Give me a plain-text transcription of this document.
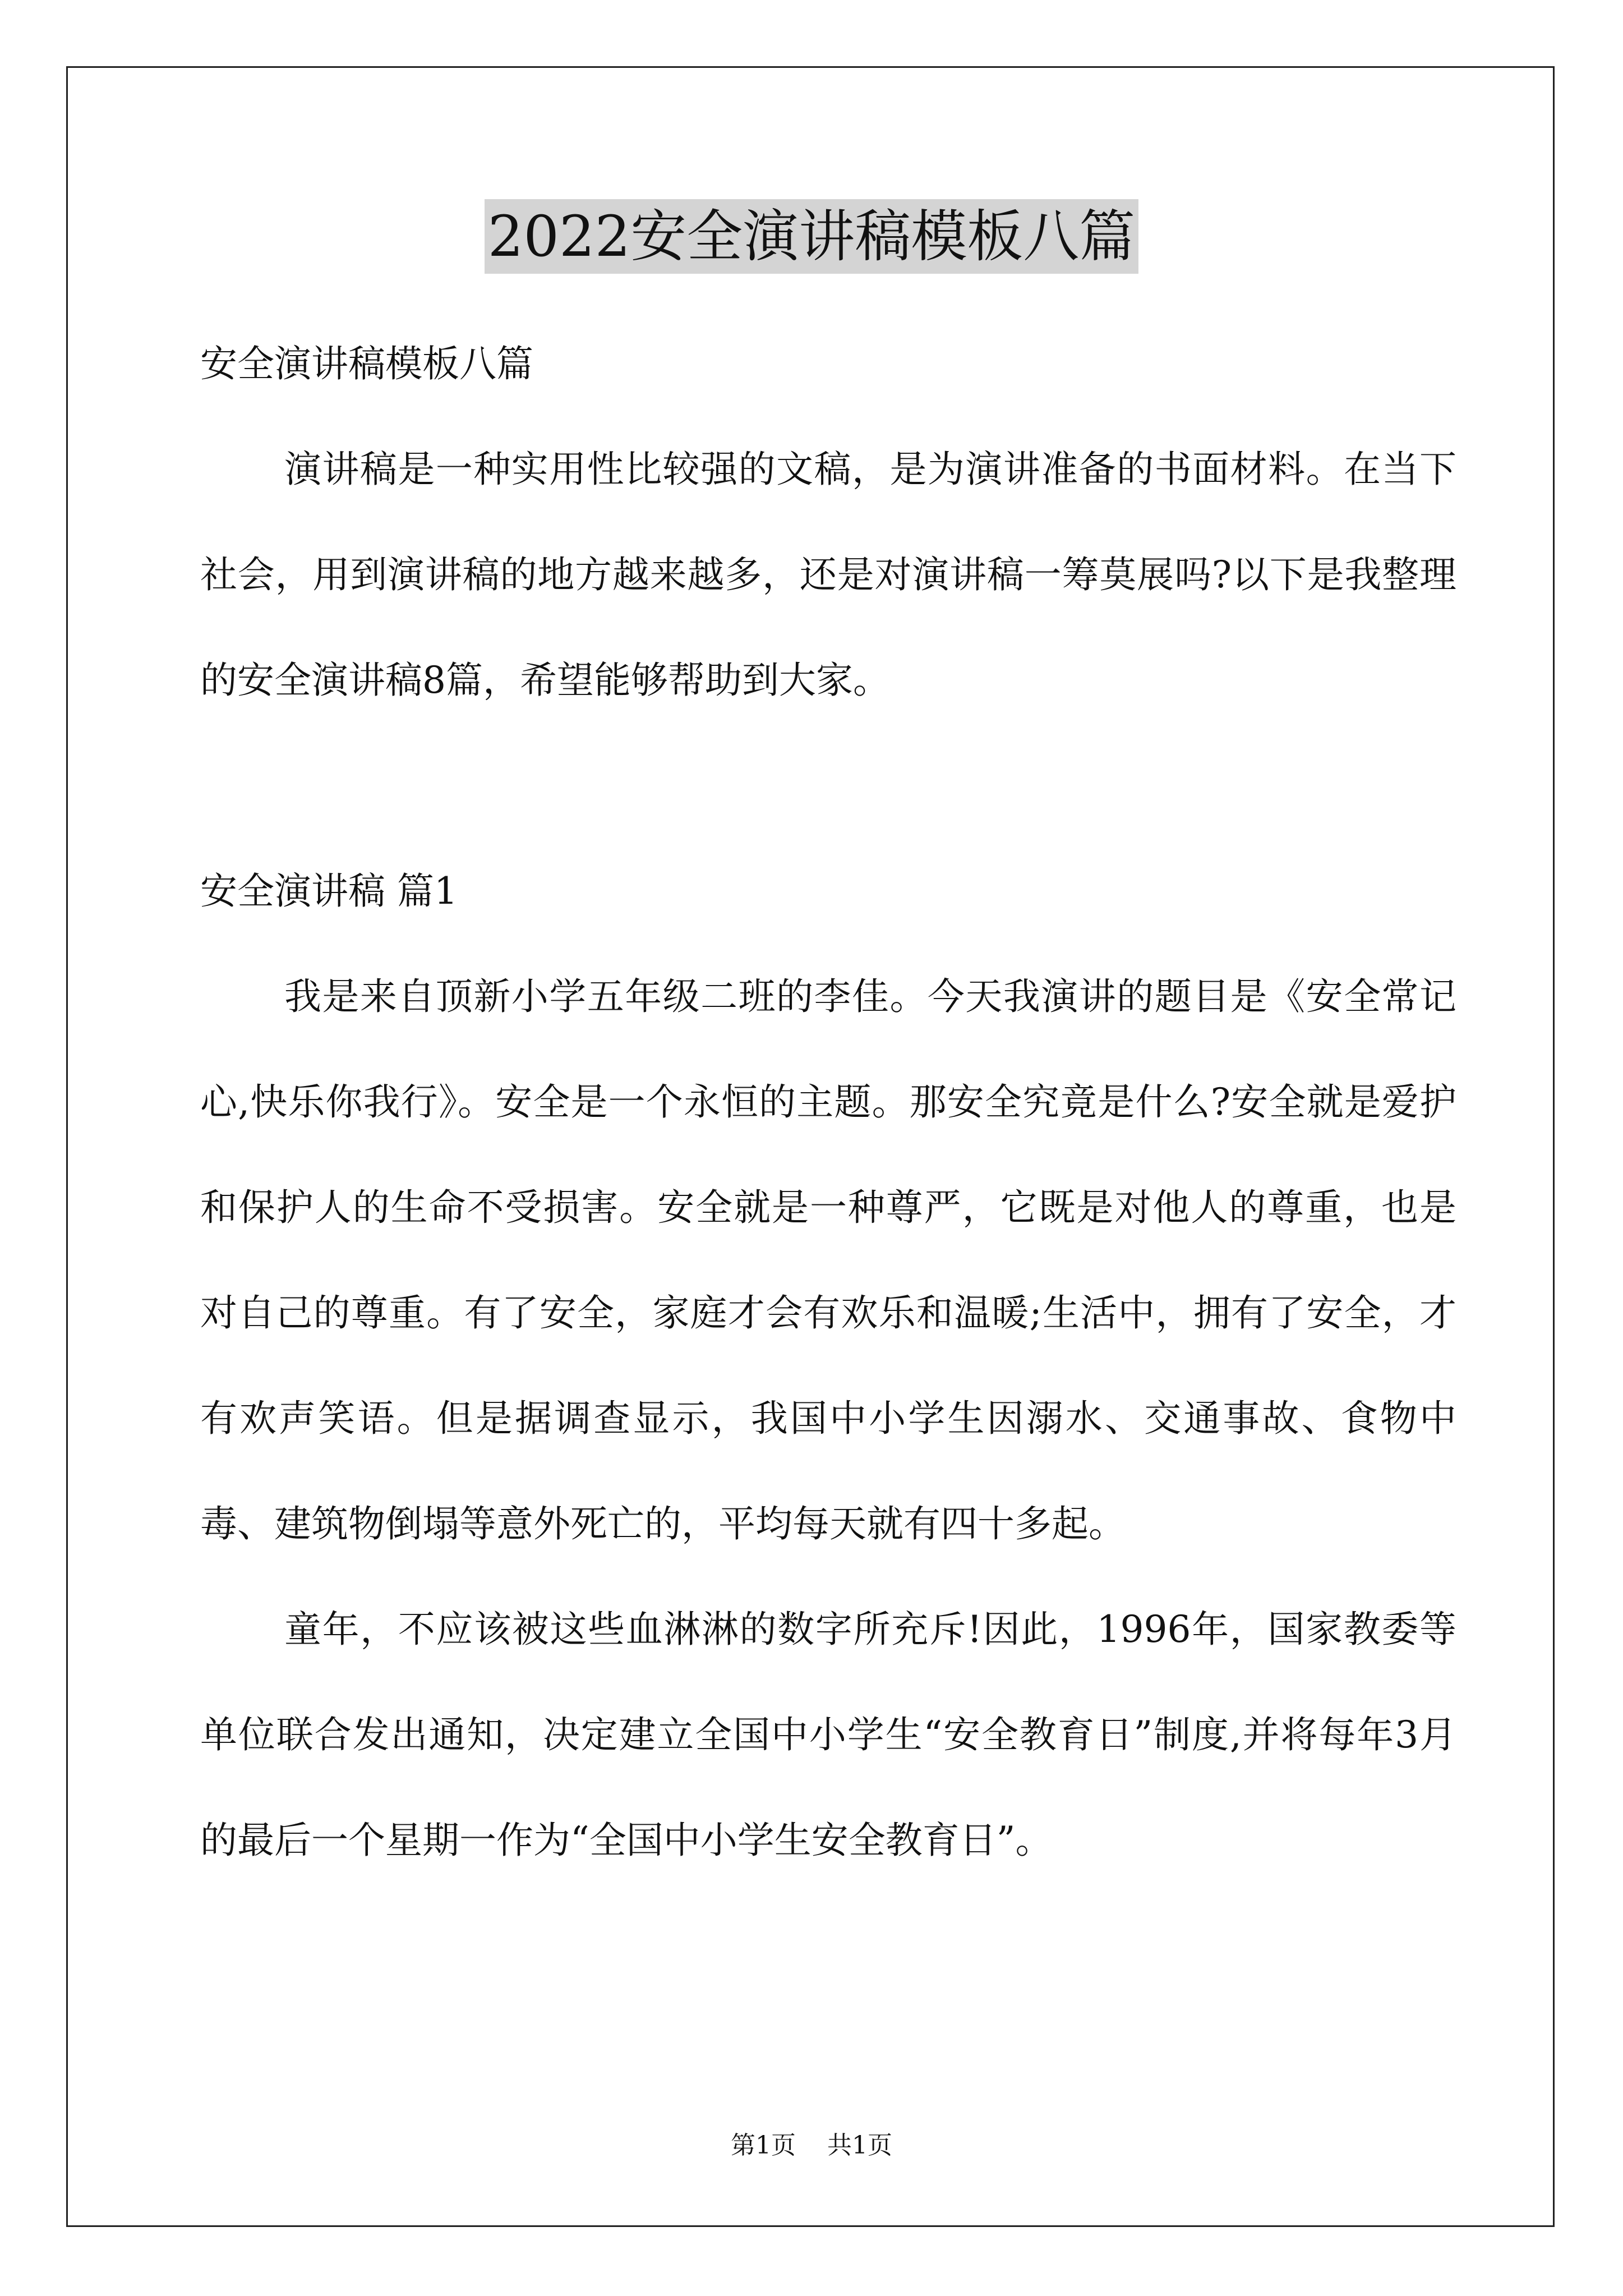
2022安全演讲稿模板八篇

安全演讲稿模板八篇

演讲稿是一种实用性比较强的文稿，是为演讲准备的书面材料。在当下社会，用到演讲稿的地方越来越多，还是对演讲稿一筹莫展吗?以下是我整理的安全演讲稿8篇，希望能够帮助到大家。

安全演讲稿 篇1

我是来自顶新小学五年级二班的李佳。今天我演讲的题目是《安全常记心,快乐你我行》。安全是一个永恒的主题。那安全究竟是什么?安全就是爱护和保护人的生命不受损害。安全就是一种尊严，它既是对他人的尊重，也是对自己的尊重。有了安全，家庭才会有欢乐和温暖;生活中，拥有了安全，才有欢声笑语。但是据调查显示，我国中小学生因溺水、交通事故、食物中毒、建筑物倒塌等意外死亡的，平均每天就有四十多起。

童年，不应该被这些血淋淋的数字所充斥!因此，1996年，国家教委等单位联合发出通知，决定建立全国中小学生“安全教育日”制度,并将每年3月的最后一个星期一作为“全国中小学生安全教育日”。

第1页 共1页
